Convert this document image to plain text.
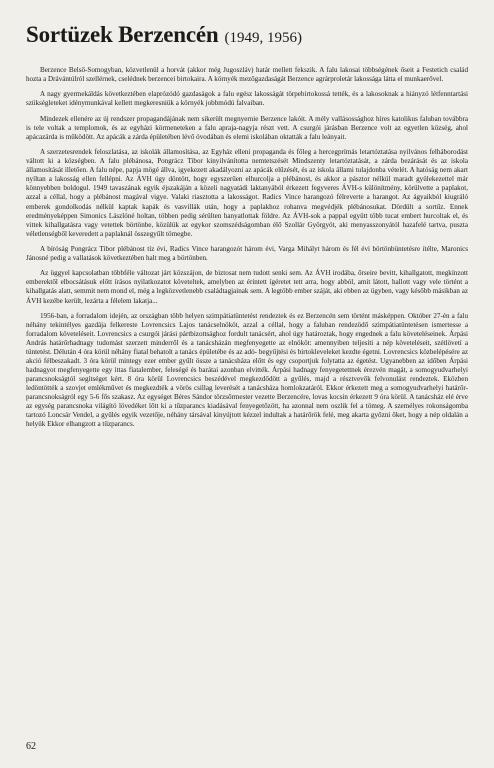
Sortüzek Berzencén (1949, 1956)

Berzence Belső-Somogyban, közvetlenül a horvát (akkor még Jugoszláv) határ mellett fekszik. A falu lakosai többségének őseit a Festetich család hozta a Drávántúlról szellérnek, cselédnek berzencei birtokaira. A környék mezőgazdaságát Berzence agrárproletár lakossága látta el munkaerővel.

A nagy gyermekáldás következtében elaprózódó gazdaságok a falu egész lakosságát törpebirtokossá tették, és a lakosoknak a hiányzó létfenntartási szükségleteket idénymunkával kellett megkeresniük a környék jobbmódú falvaiban.

Mindezek ellenére az új rendszer propagandájának nem sikerült megnyernie Berzence lakóit. A mély vallásossághoz híres katolikus faluban továbbra is tele voltak a templomok, és az egyházi körmeneteken a falu apraja-nagyja részt vett. A csurgói járásban Berzence volt az egyetlen község, ahol apácazárda is működött. Az apácák a zárda épületében lévő óvodában és elemi iskolában oktatták a falu leányait.

A szerzetesrendek feloszlatása, az iskolák államosítása, az Egyház elleni propaganda és főleg a hercegprímás letartóztatása nyilvános felháborodást váltott ki a községben. A falu plébánosa, Pongrácz Tibor kinyilvánította nemtetszését Mindszenty letartóztatását, a zárda bezárását és az iskola államosítását illetően. A falu népe, papja mögé állva, igyekezett akadályozni az apácák elűzését, és az iskola állami tulajdonba vételét. A hatóság nem akart nyíltan a lakosság ellen fellépni. Az ÁVH úgy döntött, hogy egyszerűen elhurcolja a plébánost, és akkor a pásztor nélkül maradt gyülekezettel már könnyebben boldogul. 1949 tavaszának egyik éjszakáján a közeli nagyatádi laktanyából érkezett fegyveres ÁVH-s különítmény, körülvette a paplakot, azzal a céllal, hogy a plébánost magával vigye. Valaki riasztotta a lakosságot. Radics Vince harangozó félreverte a harangot. Az ágyaikból kiugráló emberek gondolkodás nélkül kaptak kapák és vasvillák után, hogy a paplakhoz rohanva megvédjék plébánosukat. Dördült a sortűz. Ennek eredményeképpen Simonics Lászlóné holtan, többen pedig sérülten hanyatlottak földre. Az ÁVH-sok a pappal együtt több tucat embert hurcoltak el, és vittek kihallgatásra vagy vetettek börtönbe, közülük az egykor szomszédságomban élő Szollár Györgyöt, aki menyasszonyától hazafelé tartva, puszta véletlenségből keveredett a paplaknál összegyűlt tömegbe.

A bíróság Pongrácz Tibor plébánost tíz évi, Radics Vince harangozót három évi, Varga Mihályt három és fél évi börtönbüntetésre ítélte, Maronics Jánosné pedig a vallatások következtében halt meg a börtönben.

Az üggyel kapcsolatban többféle változat járt közszájon, de biztosat nem tudott senki sem. Az ÁVH irodába, őrseire bevitt, kihallgatott, megkínzott emberektől elbocsátásuk előtt írásos nyilatkozatot követeltek, amelyben az érintett ígéretet tett arra, hogy abból, amit látott, hallott vagy vele történt a kihallgatás alatt, semmit nem mond el, még a legközvetlenebb családtagjainak sem. A legtöbb ember száját, aki ebben az ügyben, vagy később másikban az ÁVH kezébe került, lezárta a félelem lakatja...

1956-ban, a forradalom idején, az országban több helyen szimpátiatüntetést rendeztek és ez Berzencén sem történt másképpen. Október 27-én a falu néhány tekintélyes gazdája felkereste Lovrencsics Lajos tanácselnököt, azzal a céllal, hogy a faluban rendezödő szimpátiatüntetésen ismertesse a forradalom követeléseit. Lovrencsics a csurgói járási pártbizottsághoz fordult tanácsért, ahol úgy határoztak, hogy engednek a falu követeléseinek. Árpási András határőrhadnagy tudomást szerzett minderről és a tanácsházán megfenyegette az elnököt: amennyiben teljesíti a nép követeléseit, szétlövetí a tüntetést. Délután 4 óra körül néhány fiatal behatolt a tanács épületébe és az adó- begyűjtési és birtokleveleket kezdte égetni. Lovrencsics közbelépésére az akció félbeszakadt. 3 óra körül mintegy ezer ember gyűlt össze a tanácsháza előtt és egy csoportjuk folytatta az égetést. Ugyanebben az időben Árpási hadnagyot megfenyegette egy ittas fiatalember, feleségé és barátai azonban elvitték. Árpási hadnagy fenyegetettnek érezvén magát, a somogyudvarhelyi parancsnokságtól segítséget kért. 8 óra körül Lovrencsics beszédével megkezdődött a gyűlés, majd a résztvevők felvonulást rendeztek. Eközben ledöntötték a szovjet emlékművet és megkezdték a vörös csillag leverését a tanácsháza homlokzatáról. Ekkor érkezett meg a somogyudvarhelyi határőr-parancsnokságról egy 5-6 fős szakasz. Az egységet Béres Sándor törzsőrmester vezette Berzencére, lovas kocsin érkezett 9 óra körül. A tanácsház elé érve az egység parancsnoka világító lövedéket lőtt ki a tűzparancs kiadásával fenyegetőzött, ha azonnal nem oszlik fel a tömeg. A személyes rokonságomba tartozó Loncsár Vendel, a gyűlés egyik vezetője, néhány társával kinyújtott kézzel indultak a határőrök felé, meg akarta győzni őket, hogy a nép oldalán a helyük Ekkor elhangzott a tűzparancs.

62
